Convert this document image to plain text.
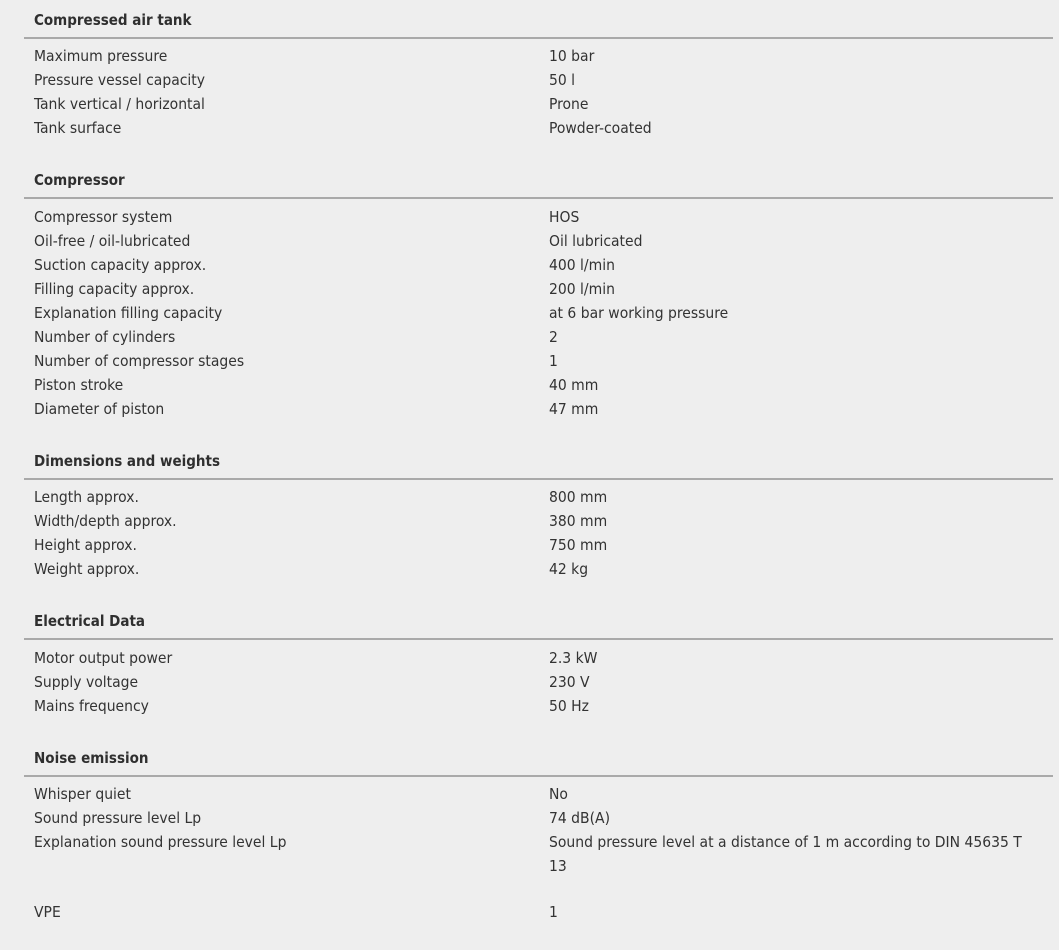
Compressed air tank
Maximum pressure	10 bar
Pressure vessel capacity	50 l
Tank vertical / horizontal	Prone
Tank surface	Powder-coated
Compressor
Compressor system	HOS
Oil-free / oil-lubricated	Oil lubricated
Suction capacity approx.	400 l/min
Filling capacity approx.	200 l/min
Explanation filling capacity	at 6 bar working pressure
Number of cylinders	2
Number of compressor stages	1
Piston stroke	40 mm
Diameter of piston	47 mm
Dimensions and weights
Length approx.	800 mm
Width/depth approx.	380 mm
Height approx.	750 mm
Weight approx.	42 kg
Electrical Data
Motor output power	2.3 kW
Supply voltage	230 V
Mains frequency	50 Hz
Noise emission
Whisper quiet	No
Sound pressure level Lp	74 dB(A)
Explanation sound pressure level Lp	Sound pressure level at a distance of 1 m according to DIN 45635 T 13
VPE	1
